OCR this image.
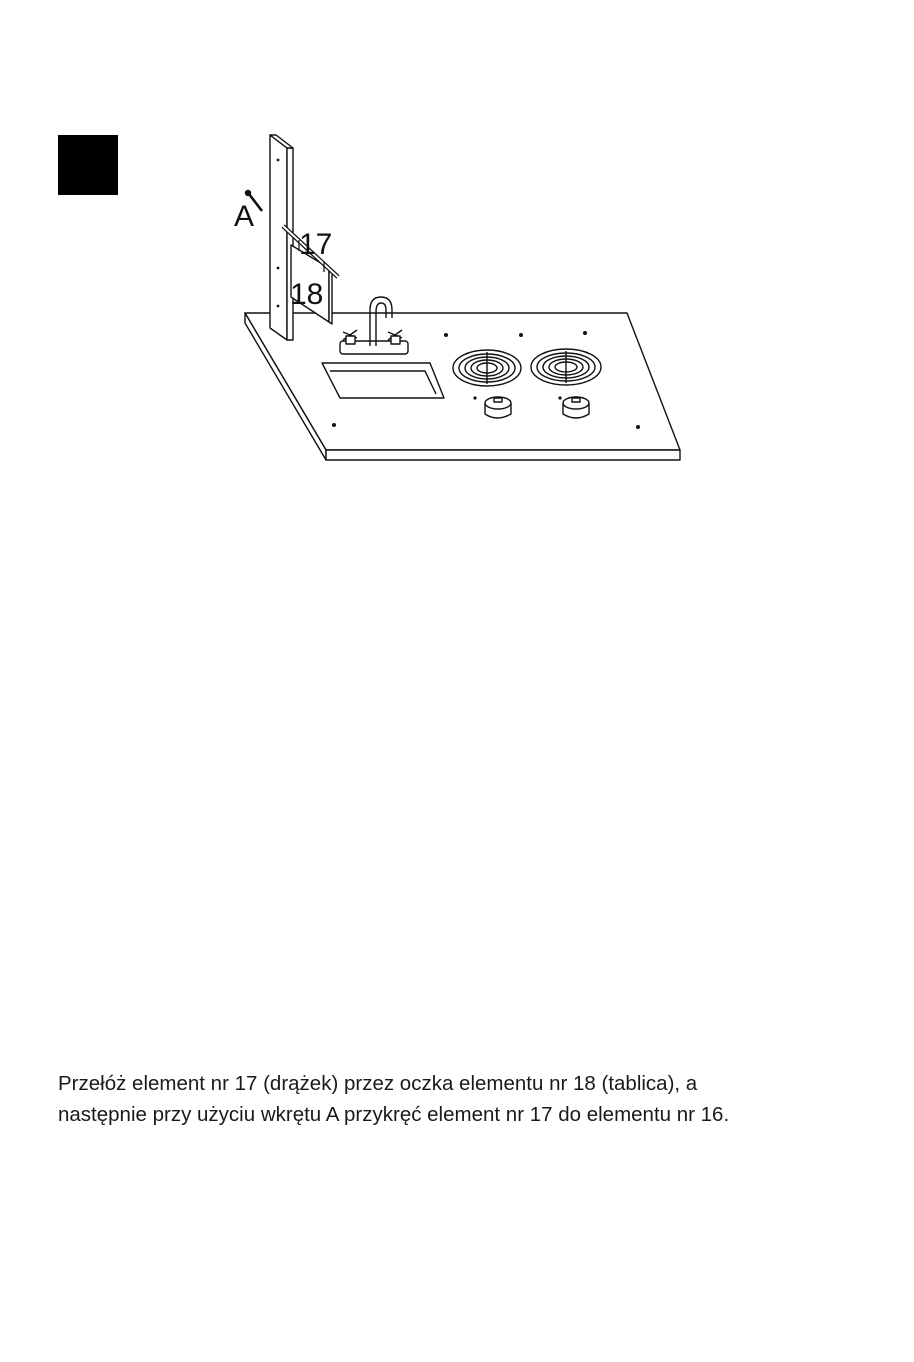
A
17
18

Przełóż element nr 17 (drążek) przez oczka elementu nr 18 (tablica), a
następnie przy użyciu wkrętu A przykręć element nr 17 do elementu nr 16.
